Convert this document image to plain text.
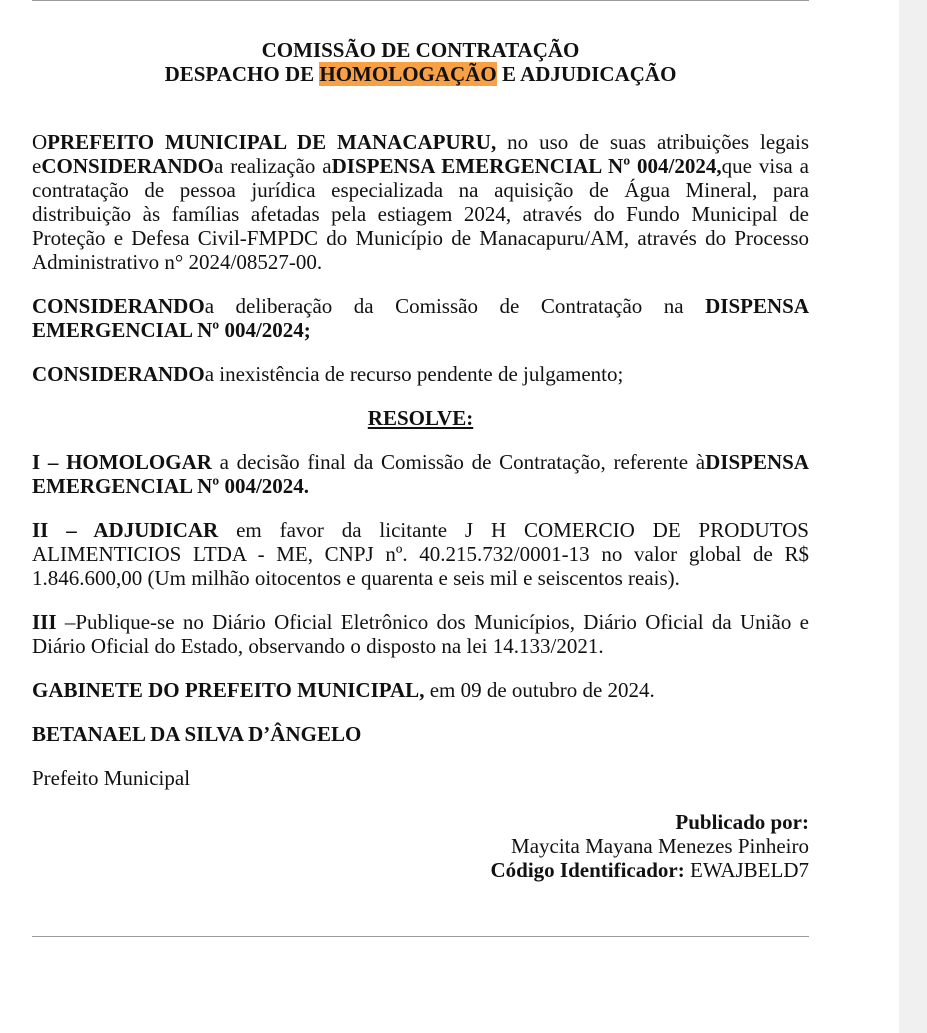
COMISSÃO DE CONTRATAÇÃO

DESPACHO DE HOMOLOGAÇÃO E ADJUDICAÇÃO

OPREFEITO MUNICIPAL DE MANACAPURU, no uso de suas atribuições legais eCONSIDERANDOa realização aDISPENSA EMERGENCIAL Nº 004/2024,que visa a contratação de pessoa jurídica especializada na aquisição de Água Mineral, para distribuição às famílias afetadas pela estiagem 2024, através do Fundo Municipal de Proteção e Defesa Civil-FMPDC do Município de Manacapuru/AM, através do Processo Administrativo n° 2024/08527-00.

CONSIDERANDOa deliberação da Comissão de Contratação na DISPENSA EMERGENCIAL Nº 004/2024;

CONSIDERANDOa inexistência de recurso pendente de julgamento;

RESOLVE:

I – HOMOLOGAR a decisão final da Comissão de Contratação, referente àDISPENSA EMERGENCIAL Nº 004/2024.

II – ADJUDICAR em favor da licitante J H COMERCIO DE PRODUTOS ALIMENTICIOS LTDA - ME, CNPJ nº. 40.215.732/0001-13 no valor global de R$ 1.846.600,00 (Um milhão oitocentos e quarenta e seis mil e seiscentos reais).

III –Publique-se no Diário Oficial Eletrônico dos Municípios, Diário Oficial da União e Diário Oficial do Estado, observando o disposto na lei 14.133/2021.

GABINETE DO PREFEITO MUNICIPAL, em 09 de outubro de 2024.

BETANAEL DA SILVA D’ÂNGELO

Prefeito Municipal

Publicado por:

Maycita Mayana Menezes Pinheiro

Código Identificador: EWAJBELD7
